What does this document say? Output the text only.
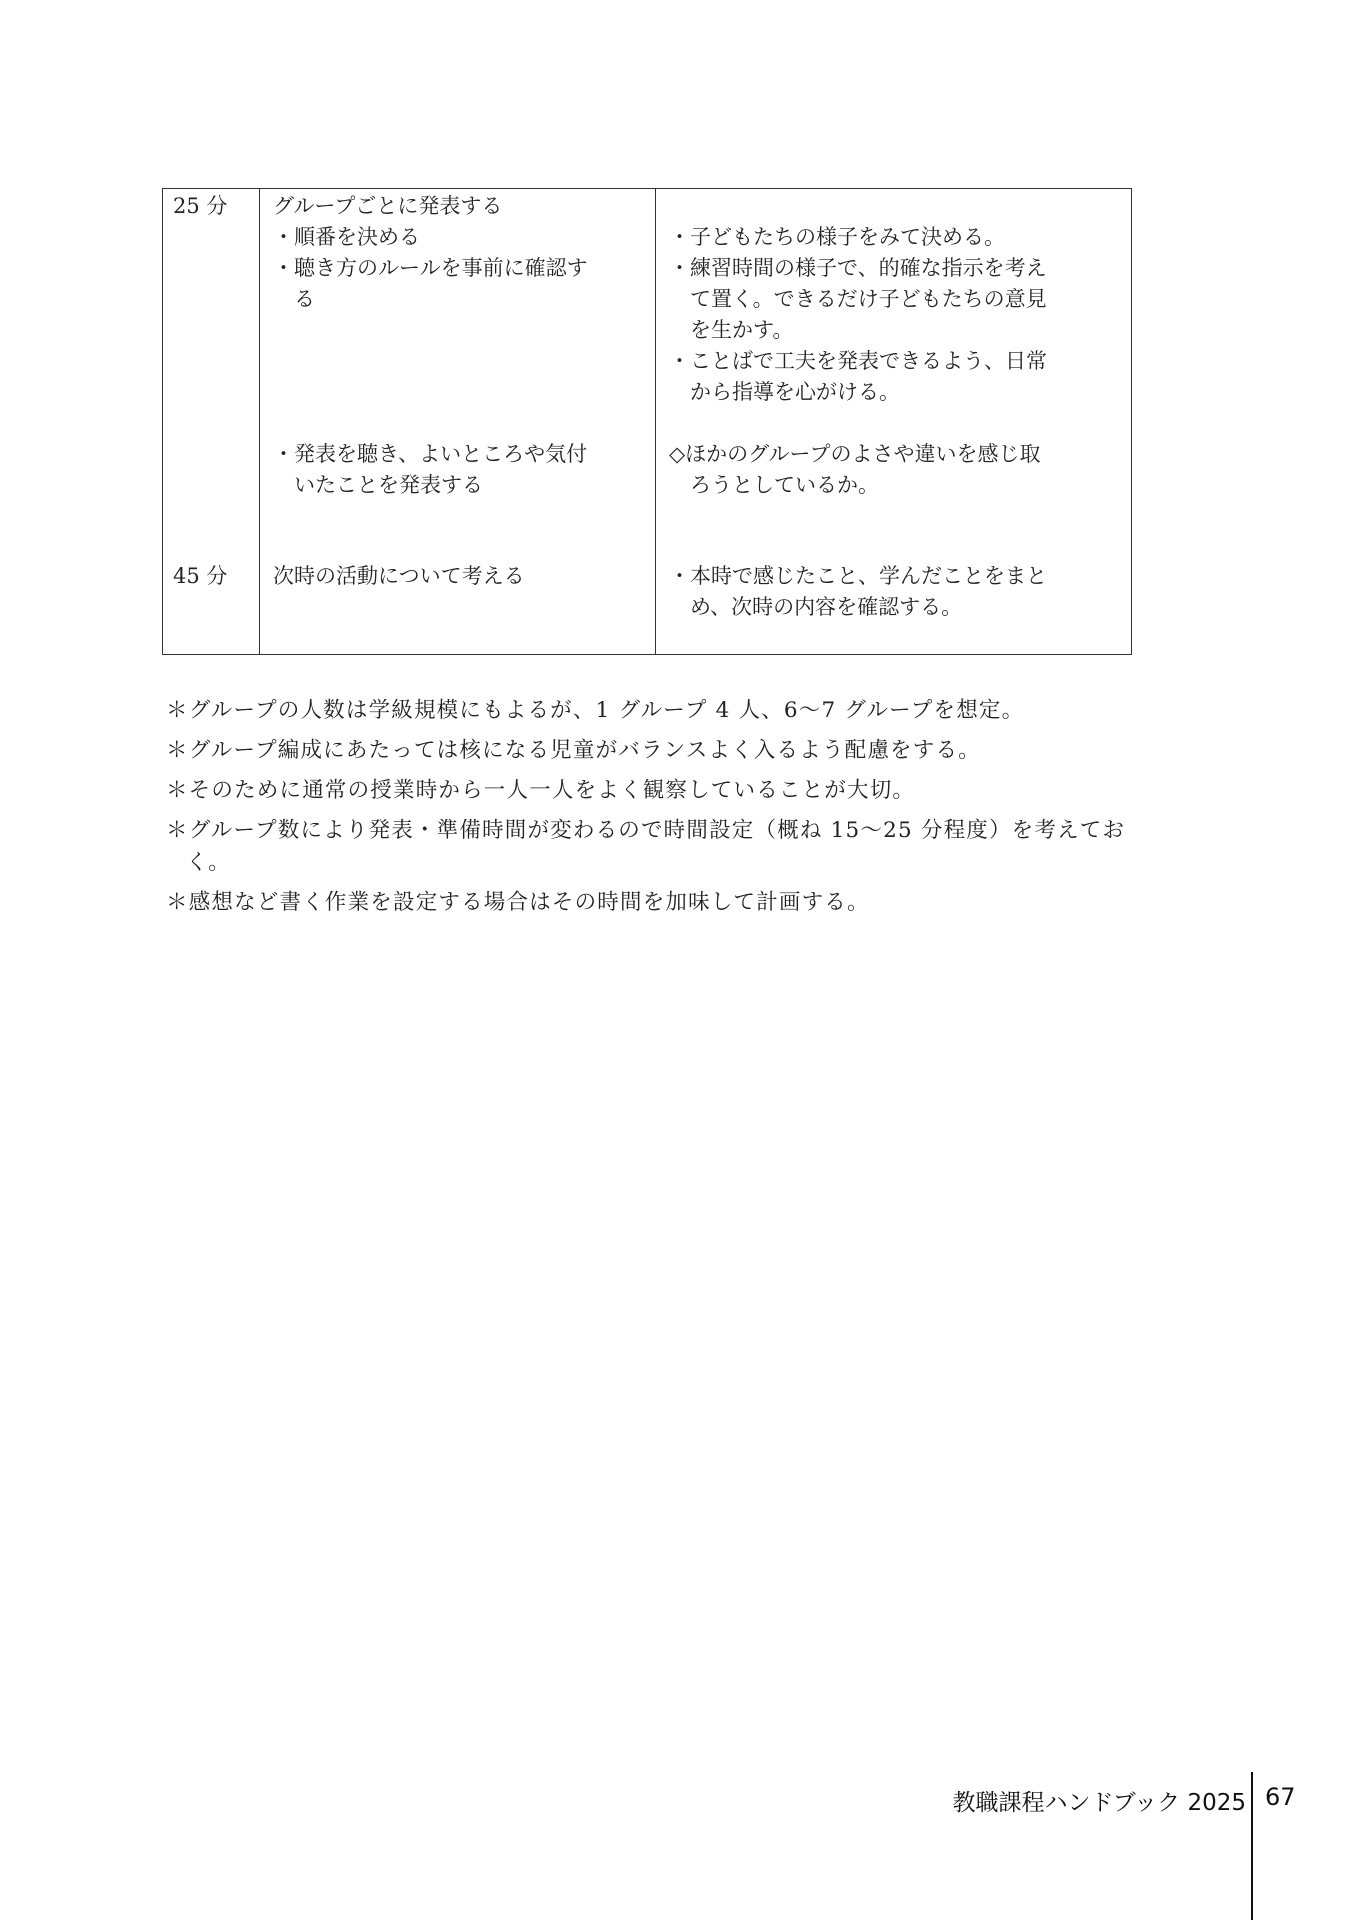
25 分 グループごとに発表する
・順番を決める
・聴き方のルールを事前に確認す
　る
・子どもたちの様子をみて決める。
・練習時間の様子で、的確な指示を考え
　て置く。できるだけ子どもたちの意見
　を生かす。
・ことばで工夫を発表できるよう、日常
　から指導を心がける。
・発表を聴き、よいところや気付
　いたことを発表する
◇ほかのグループのよさや違いを感じ取
　ろうとしているか。
45 分 次時の活動について考える	・本時で感じたこと、学んだことをまと
　め、次時の内容を確認する。
＊グループの人数は学級規模にもよるが、1 グループ 4 人、6〜7 グループを想定。
＊グループ編成にあたっては核になる児童がバランスよく入るよう配慮をする。
＊そのために通常の授業時から一人一人をよく観察していることが大切。
＊グループ数により発表・準備時間が変わるので時間設定（概ね 15〜25 分程度）を考えておく。
＊感想など書く作業を設定する場合はその時間を加味して計画する。
教職課程ハンドブック 2025 67
